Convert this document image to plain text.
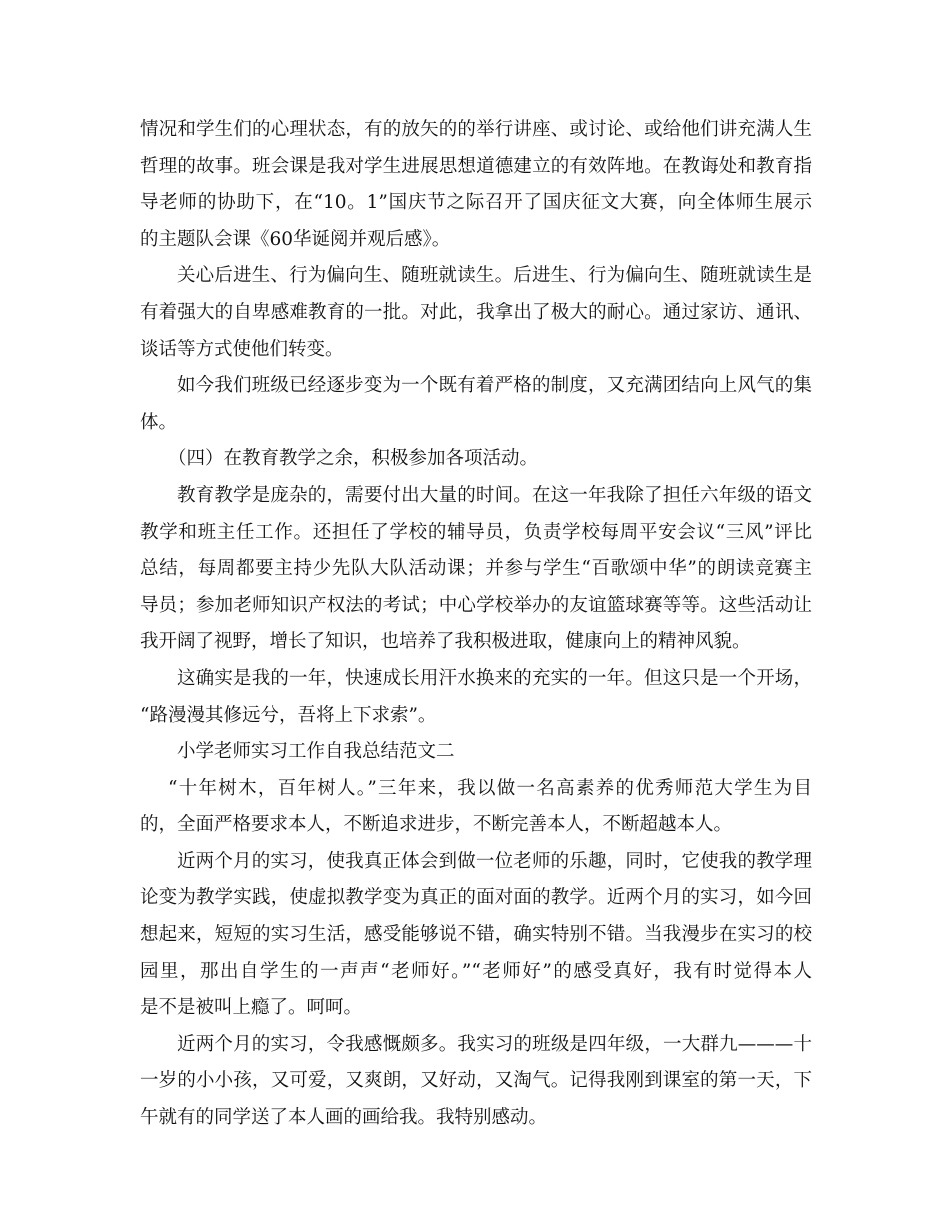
情况和学生们的心理状态，有的放矢的的举行讲座、或讨论、或给他们讲充满人生
哲理的故事。班会课是我对学生进展思想道德建立的有效阵地。在教诲处和教育指
导老师的协助下，在“10。1”国庆节之际召开了国庆征文大赛，向全体师生展示
的主题队会课《60华诞阅并观后感》。
关心后进生、行为偏向生、随班就读生。后进生、行为偏向生、随班就读生是
有着强大的自卑感难教育的一批。对此，我拿出了极大的耐心。通过家访、通讯、
谈话等方式使他们转变。
如今我们班级已经逐步变为一个既有着严格的制度，又充满团结向上风气的集
体。
（四）在教育教学之余，积极参加各项活动。
教育教学是庞杂的，需要付出大量的时间。在这一年我除了担任六年级的语文
教学和班主任工作。还担任了学校的辅导员，负责学校每周平安会议“三风”评比
总结，每周都要主持少先队大队活动课；并参与学生“百歌颂中华”的朗读竞赛主
导员；参加老师知识产权法的考试；中心学校举办的友谊篮球赛等等。这些活动让
我开阔了视野，增长了知识，也培养了我积极进取，健康向上的精神风貌。
这确实是我的一年，快速成长用汗水换来的充实的一年。但这只是一个开场，
“路漫漫其修远兮，吾将上下求索”。
小学老师实习工作自我总结范文二
“十年树木，百年树人。”三年来，我以做一名高素养的优秀师范大学生为目
的，全面严格要求本人，不断追求进步，不断完善本人，不断超越本人。
近两个月的实习，使我真正体会到做一位老师的乐趣，同时，它使我的教学理
论变为教学实践，使虚拟教学变为真正的面对面的教学。近两个月的实习，如今回
想起来，短短的实习生活，感受能够说不错，确实特别不错。当我漫步在实习的校
园里，那出自学生的一声声“老师好。”“老师好”的感受真好，我有时觉得本人
是不是被叫上瘾了。呵呵。
近两个月的实习，令我感慨颇多。我实习的班级是四年级，一大群九———十
一岁的小小孩，又可爱，又爽朗，又好动，又淘气。记得我刚到课室的第一天，下
午就有的同学送了本人画的画给我。我特别感动。
